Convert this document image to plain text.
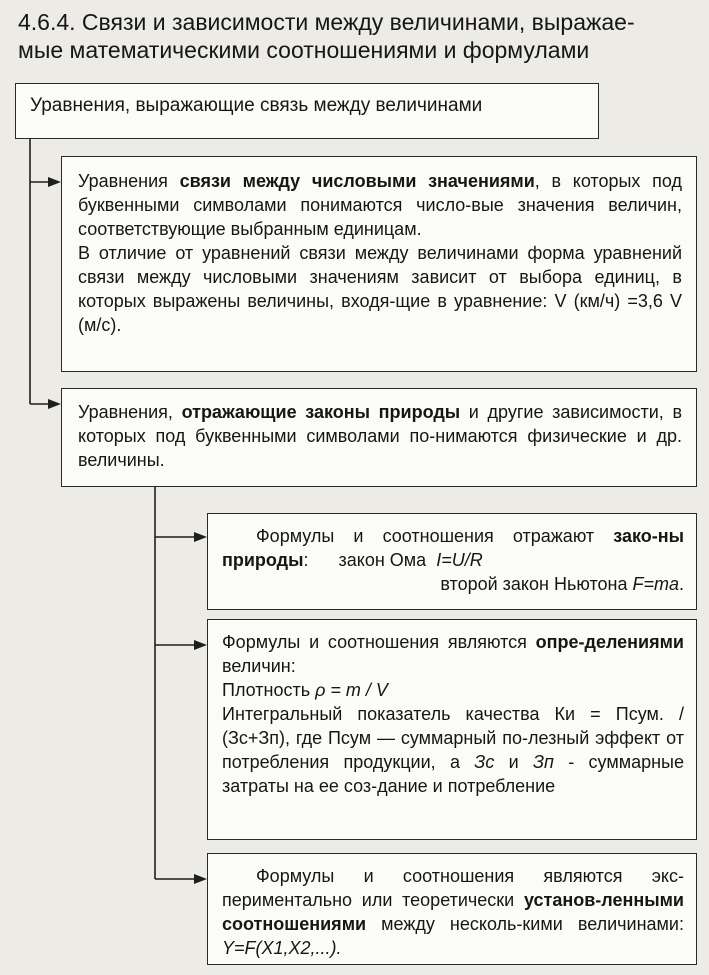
4.6.4. Связи и зависимости между величинами, выражае-
мые математическими соотношениями и формулами
Уравнения, выражающие связь между величинами

Уравнения связи между числовыми значениями, в которых под буквенными символами понимаются число-вые значения величин, соответствующие выбранным единицам.

В отличие от уравнений связи между величинами форма уравнений связи между числовыми значениям зависит от выбора единиц, в которых выражены величины, входя-щие в уравнение: V (км/ч) =3,6 V (м/с).

Уравнения, отражающие законы природы и другие зависимости, в которых под буквенными символами по-нимаются физические и др. величины.

Формулы и соотношения отражают зако-ны природы: закон Ома I=U/R

второй закон Ньютона F=ma.

Формулы и соотношения являются опре-делениями величин:

Плотность ρ = m / V

Интегральный показатель качества Ки = Псум. / (Зс+Зп), где Псум — суммарный по-лезный эффект от потребления продукции, а Зс и Зп - суммарные затраты на ее соз-дание и потребление

Формулы и соотношения являются экс-периментально или теоретически установ-ленными соотношениями между несколь-кими величинами: Y=F(X1,X2,...).
